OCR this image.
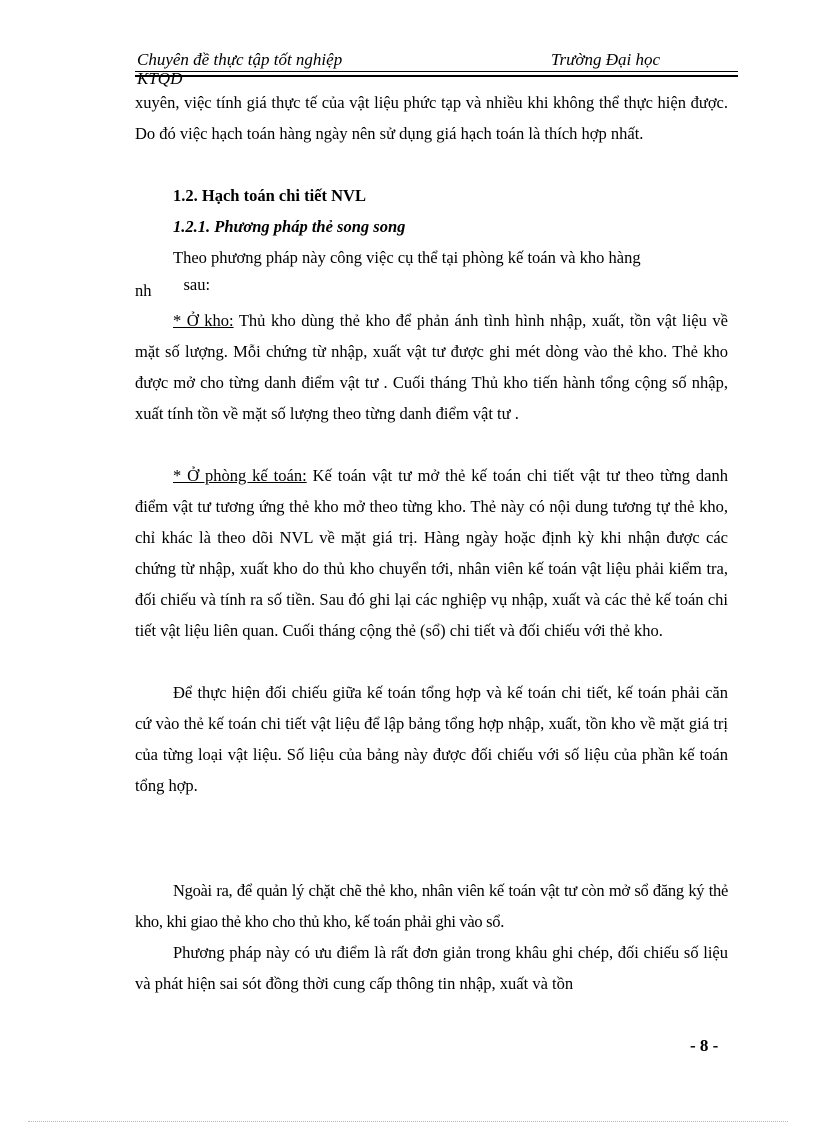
Chuyên đề thực tập tốt nghiệp	Trường Đại học
KTQD

xuyên, việc tính giá thực tế của vật liệu phức tạp và nhiều khi không thể thực hiện được. Do đó việc hạch toán hàng ngày nên sử dụng giá hạch toán là thích hợp nhất.

1.2. Hạch toán chi tiết NVL
1.2.1. Phương pháp thẻ song song

Theo phương pháp này công việc cụ thể tại phòng kế toán và kho hàng

nh sau:

* Ở kho: Thủ kho dùng thẻ kho để phản ánh tình hình nhập, xuất, tồn vật liệu về mặt số lượng. Mỗi chứng từ nhập, xuất vật tư được ghi mét dòng vào thẻ kho. Thẻ kho được mở cho từng danh điểm vật tư . Cuối tháng Thủ kho tiến hành tổng cộng số nhập, xuất tính tồn về mặt số lượng theo từng danh điểm vật tư .

* Ở phòng kế toán: Kế toán vật tư mở thẻ kế toán chi tiết vật tư theo từng danh điểm vật tư tương ứng thẻ kho mở theo từng kho. Thẻ này có nội dung tương tự thẻ kho, chỉ khác là theo dõi NVL về mặt giá trị. Hàng ngày hoặc định kỳ khi nhận được các chứng từ nhập, xuất kho do thủ kho chuyển tới, nhân viên kế toán vật liệu phải kiểm tra, đối chiếu và tính ra số tiền. Sau đó ghi lại các nghiệp vụ nhập, xuất và các thẻ kế toán chi tiết vật liệu liên quan. Cuối tháng cộng thẻ (sổ) chi tiết và đối chiếu với thẻ kho.

Để thực hiện đối chiếu giữa kế toán tổng hợp và kế toán chi tiết, kế toán phải căn cứ vào thẻ kế toán chi tiết vật liệu để lập bảng tổng hợp nhập, xuất, tồn kho về mặt giá trị của từng loại vật liệu. Số liệu của bảng này được đối chiếu với số liệu của phần kế toán tổng hợp.

Ngoài ra, để quản lý chặt chẽ thẻ kho, nhân viên kế toán vật tư còn mở sổ đăng ký thẻ kho, khi giao thẻ kho cho thủ kho, kế toán phải ghi vào sổ.

Phương pháp này có ưu điểm là rất đơn giản trong khâu ghi chép, đối chiếu số liệu và phát hiện sai sót đồng thời cung cấp thông tin nhập, xuất và tồn

- 8 -
